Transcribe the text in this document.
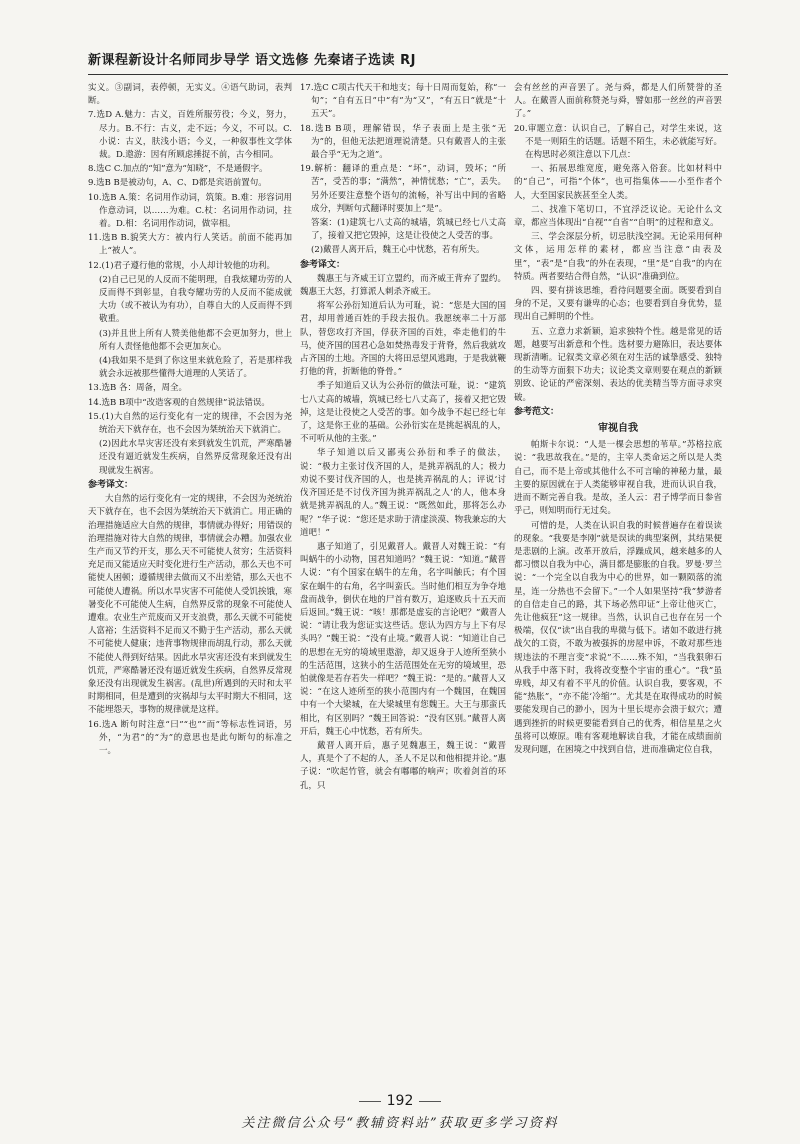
新课程新设计名师同步导学 语文选修 先秦诸子选读 RJ
实义。③副词，表停顿，无实义。④语气助词，表判断。
7.选D A.魅力：古义，百姓所服劳役；今义，努力，尽力。B.不行：古义，走不远；今义，不可以。C.小说：古义，肤浅小语；今义，一种叙事性文学体裁。D.遨游：因有所顾虑捶捉不前，古今相同。
8.选C C.加点的“知”意为“知晓”，不是通假字。
9.选B B是被动句，A、C、D都是宾语前置句。
10.选B A.策：名词用作动词，筑策。B.难：形容词用作意动词，以……为难。C.杖：名词用作动词，拄着。D.相：名词用作动词，做宰相。
11.选B B.貌笑大方：被内行人笑话。前面不能再加上“被人”。
12.(1)君子遵行他的常规，小人却计较他的功利。
(2)自己已见的人反而不能明理，自我炫耀功劳的人反而得不到彰显，自我夸耀功劳的人反而不能成就大功（或不被认为有功），自尊自大的人反而得不到敬重。
(3)并且世上所有人赞美他他都不会更加努力，世上所有人责怪他他都不会更加灰心。
(4)我如果不是到了你这里来就危险了，若是那样我就会永远被那些懂得大道理的人笑话了。
13.选B 各：周备，周全。
14.选B B项中“改造客观的自然规律”说法错误。
15.(1)大自然的运行变化有一定的规律，不会因为尧统治天下就存在，也不会因为桀统治天下就消亡。
(2)因此水旱灾害还没有来到就发生饥荒，严寒酷暑还没有逼近就发生疾病，自然界反常现象还没有出现就发生祸害。
参考译文：
大自然的运行变化有一定的规律，不会因为尧统治天下就存在，也不会因为桀统治天下就消亡。用正确的治理措施适应大自然的规律，事情就办得好；用错误的治理措施对待大自然的规律，事情就会办糟。加强农业生产而又节约开支，那么天不可能使人贫穷；生活资料充足而又能适应天时变化进行生产活动，那么天也不可能使人困顿；遵循规律去做而又不出差错，那么天也不可能使人遭祸。所以水旱灾害不可能使人受饥挨饿，寒暑变化不可能使人生病，自然界反常的现象不可能使人遭难。农业生产荒废而又开支浪费，那么天就不可能使人富裕；生活资料不足而又不勤于生产活动，那么天就不可能使人健康；违背事物规律而胡乱行动，那么天就不能使人得到好结果。因此水旱灾害还没有来到就发生饥荒，严寒酷暑还没有逼近就发生疾病，自然界反常现象还没有出现就发生祸害。(乱世)所遇到的天时和太平时期相同，但是遭到的灾祸却与太平时期大不相同，这不能埋怨天，事物的规律就是这样。
16.选A 断句时注意“曰”“也”“而”等标志性词语，另外，“为君”的“为”的意思也是此句断句的标准之一。
17.选C C项古代天干和地支；每十日周而复始，称“一旬”；“自有五日”中“有”为“又”，“有五日”就是“十五天”。
18.选B B项，理解错误，华子表面上是主张“无为”的，但他无法把道理说清楚。只有戴晋人的主张最合乎“无为之道”。
19.解析：翻译的重点是：“坏”，动词，毁坏；“所苦”，受苦的事；“满然”，神情忧愁；“亡”，丢失。另外还要注意整个语句的流畅，补写出中间的省略成分，判断句式翻译时要加上“是”。
答案：(1)建筑七八丈高的城墙，筑城已经七八丈高了，接着又把它毁掉，这是让役使之人受苦的事。
(2)戴晋人离开后，魏王心中忧愁，若有所失。
参考译文：
魏惠王与齐威王订立盟约，而齐威王背弃了盟约。魏惠王大怒，打算派人刺杀齐威王。
将军公孙衍知道后认为可耻，说：“您是大国的国君，却用普通百姓的手段去报仇。我愿统率二十万部队，替您攻打齐国，俘获齐国的百姓，牵走他们的牛马，使齐国的国君心急如焚热毒发于背脊，然后我就攻占齐国的土地。齐国的大将田忌望风逃跑，于是我就鞭打他的背，折断他的脊骨。”
季子知道后又认为公孙衍的做法可耻，说：“建筑七八丈高的城墙，筑城已经七八丈高了，接着又把它毁掉，这是让役使之人受苦的事。如今战争不起已经七年了，这是你王业的基础。公孙衍实在是挑起祸乱的人，不可听从他的主张。”
华子知道以后又鄙夷公孙衍和季子的做法，说：“极力主张讨伐齐国的人，是挑弄祸乱的人；极力劝说不要讨伐齐国的人，也是挑弄祸乱的人；评说‘讨伐齐国还是不讨伐齐国为挑弄祸乱之人’的人，他本身就是挑弄祸乱的人。”魏王说：“既然如此，那将怎么办呢？”华子说：“您还是求助于清虚淡漠、物我兼忘的大道吧！”
惠子知道了，引见戴晋人。戴晋人对魏王说：“有叫蜗牛的小动物，国君知道吗？”魏王说：“知道。”戴晋人说：“有个国家在蜗牛的左角，名字叫触氏；有个国家在蜗牛的右角，名字叫蛮氏。当时他们相互为争夺地盘而战争，倒伏在地的尸首有数万，追逐败兵十五天而后返回。”魏王说：“咳！那都是虚妄的言论吧？”戴晋人说：“请让我为您证实这些话。您认为四方与上下有尽头吗？”魏王说：“没有止境。”戴晋人说：“知道让自己的思想在无穷的境域里遨游，却又返身于人迹所至狭小的生活范围，这狭小的生活范围处在无穷的境域里，恐怕就像是若存若失一样吧？”魏王说：“是的。”戴晋人又说：“在这人迹所至的狭小范围内有一个魏国，在魏国中有一个大梁城，在大梁城里有您魏王。大王与那蛮氏相比，有区别吗？”魏王回答说：“没有区别。”戴晋人离开后，魏王心中忧愁，若有所失。
戴晋人离开后，惠子见魏惠王，魏王说：“戴晋人，真是个了不起的人，圣人不足以和他相提并论。”惠子说：“吹起竹管，就会有嘟嘟的响声；吹着剑首的环孔，只
会有丝丝的声音罢了。尧与舜，都是人们所赞誉的圣人。在戴晋人面前称赞尧与舜，譬如那一丝丝的声音罢了。”
20.审题立意：认识自己，了解自己，对学生来说，这不是一则陌生的话题。话题不陌生，未必就能写好。在构思时必须注意以下几点：
一、拓展思维宽度，避免落入俗套。比如材料中的“自己”，可指“个体”，也可指集体——小至作者个人，大至国家民族甚至全人类。
二、找准下笔切口，不宜浮泛议论。无论什么文章，都应当体现出“自视”“自省”“自明”的过程和意义。
三、学会深层分析，切忌肤浅空洞。无论采用何种文体，运用怎样的素材，都应当注意“由表及里”，“表”是“自我”的外在表现，“里”是“自我”的内在特质。两者要结合得自然，“认识”准确到位。
四、要有拼该思维，看待问题要全面。既要看到自身的不足，又要有谦卑的心态；也要看到自身优势，显现出自己鲜明的个性。
五、立意力求新颖，追求独特个性。越是常见的话题，越要写出新意和个性。选材要力避陈旧，表达要体现新清晰。记叙类文章必须在对生活的诚挚感受、独特的生动等方面狠下功夫；议论类文章则要在观点的新颖别致、论证的严密深刻、表达的优美精当等方面寻求突破。
参考范文：
审视自我
帕斯卡尔说：“人是一棵会思想的苇草。”苏格拉底说：“我思故我在。”是的，主宰人类命运之所以是人类自己，而不是上帝或其他什么不可言喻的神秘力量，最主要的原因就在于人类能够审视自我，进而认识自我，进而不断完善自我。是故，圣人云：君子博学而日参省乎己，则知明而行无过矣。
可惜的是，人类在认识自我的时候普遍存在着误读的现象。“我要是李刚”就是误读的典型案例，其结果便是悲剧的上演。改革开放后，浮躁成风，越来越多的人都习惯以自我为中心，满目都是膨胀的自我。罗曼·罗兰说：“一个完全以自我为中心的世界，如一颗陨落的流星，连一分热也不会留下。”一个人如果坚持“我”梦游者的自信走自己的路，其下场必然印证“上帝让他灭亡，先让他疯狂”这一规律。当然，认识自己也存在另一个极端，仅仅“读”出自我的卑微与低下。诸如不敢进行挑战欠的工资，不敢为被强拆的房屋申诉，不敢对那些违规违法的不理言变“求说”不……殊不知，“当我狠卵石从我手中落下时，我将改变整个宇宙的重心”。“我”虽卑贱，却又有着不平凡的价值。认识自我，要客观，不能“热胀”，“亦不能‘冷缩’”。尤其是在取得成功的时候要能发现自己的渺小，因为十里长堤亦会溃于蚁穴；遭遇到挫折的时候更要能看到自己的优秀，相信星星之火虽将可以燎原。唯有客观地解读自我，才能在成绩面前发现问题，在困境之中找到自信，进而准确定位自我，
192
关注微信公众号“教辅资料站”获取更多学习资料
